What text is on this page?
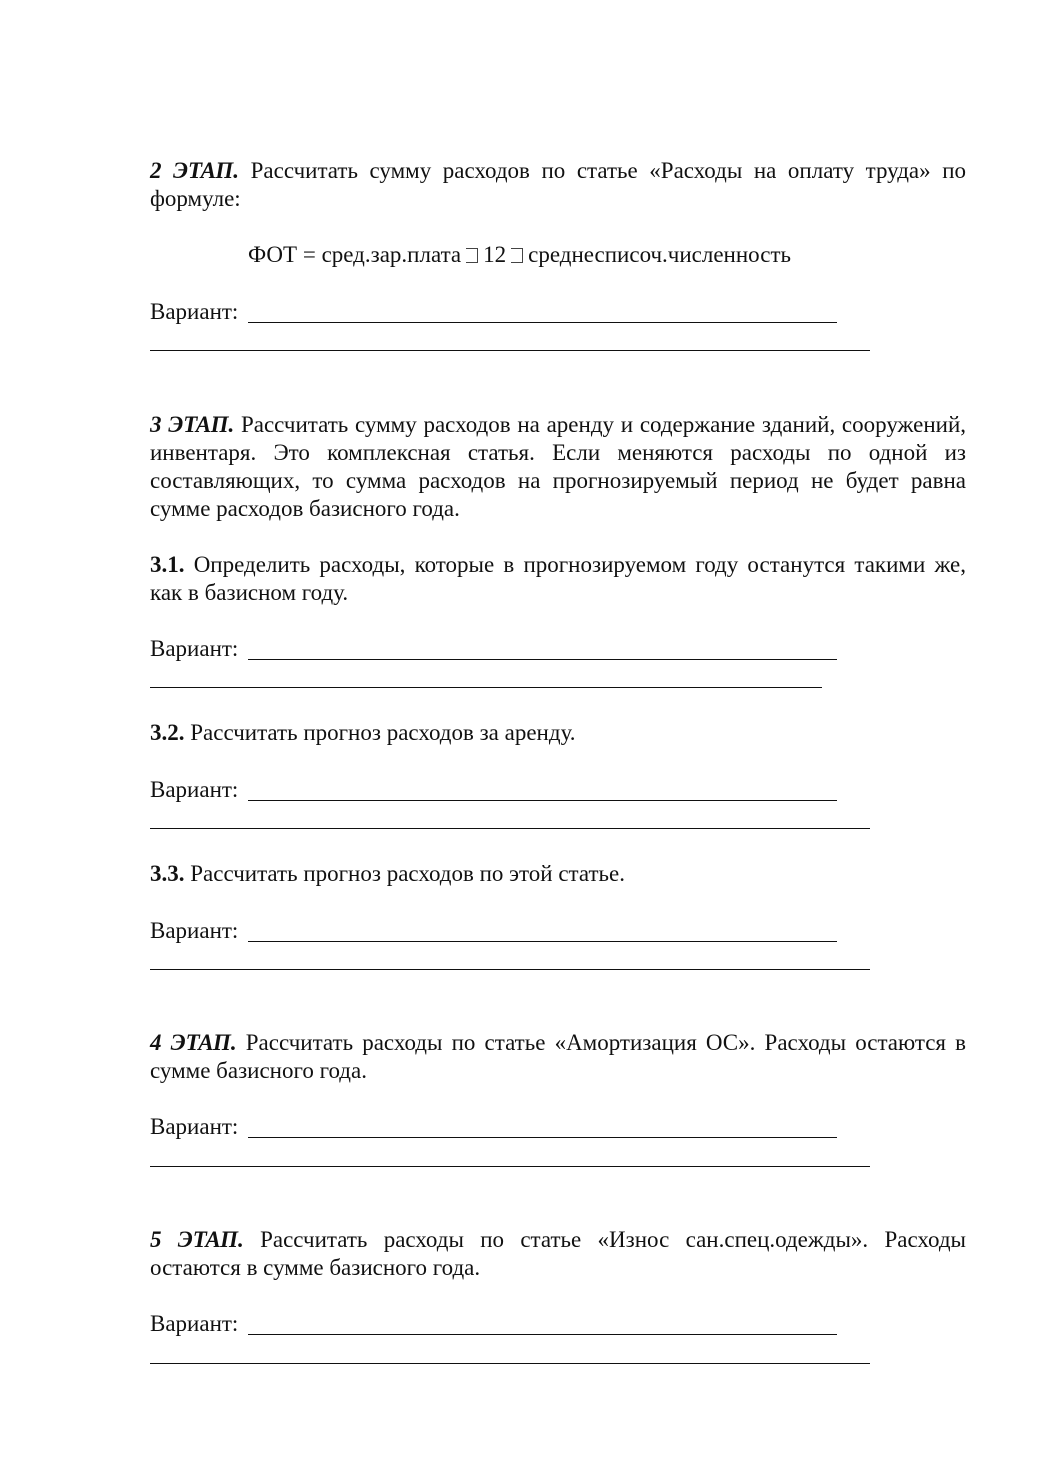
2 ЭТАП. Рассчитать сумму расходов по статье «Расходы на оплату труда» по формуле:
ФОТ = сред.зар.плата 12 среднесписоч.численность
Вариант:
3 ЭТАП. Рассчитать сумму расходов на аренду и содержание зданий, сооружений, инвентаря. Это комплексная статья. Если меняются расходы по одной из составляющих, то сумма расходов на прогнозируемый период не будет равна сумме расходов базисного года.
3.1. Определить расходы, которые в прогнозируемом году останутся такими же, как в базисном году.
Вариант:
3.2. Рассчитать прогноз расходов за аренду.
Вариант:
3.3. Рассчитать прогноз расходов по этой статье.
Вариант:
4 ЭТАП. Рассчитать расходы по статье «Амортизация ОС». Расходы остаются в сумме базисного года.
Вариант:
5 ЭТАП. Рассчитать расходы по статье «Износ сан.спец.одежды». Расходы остаются в сумме базисного года.
Вариант:
